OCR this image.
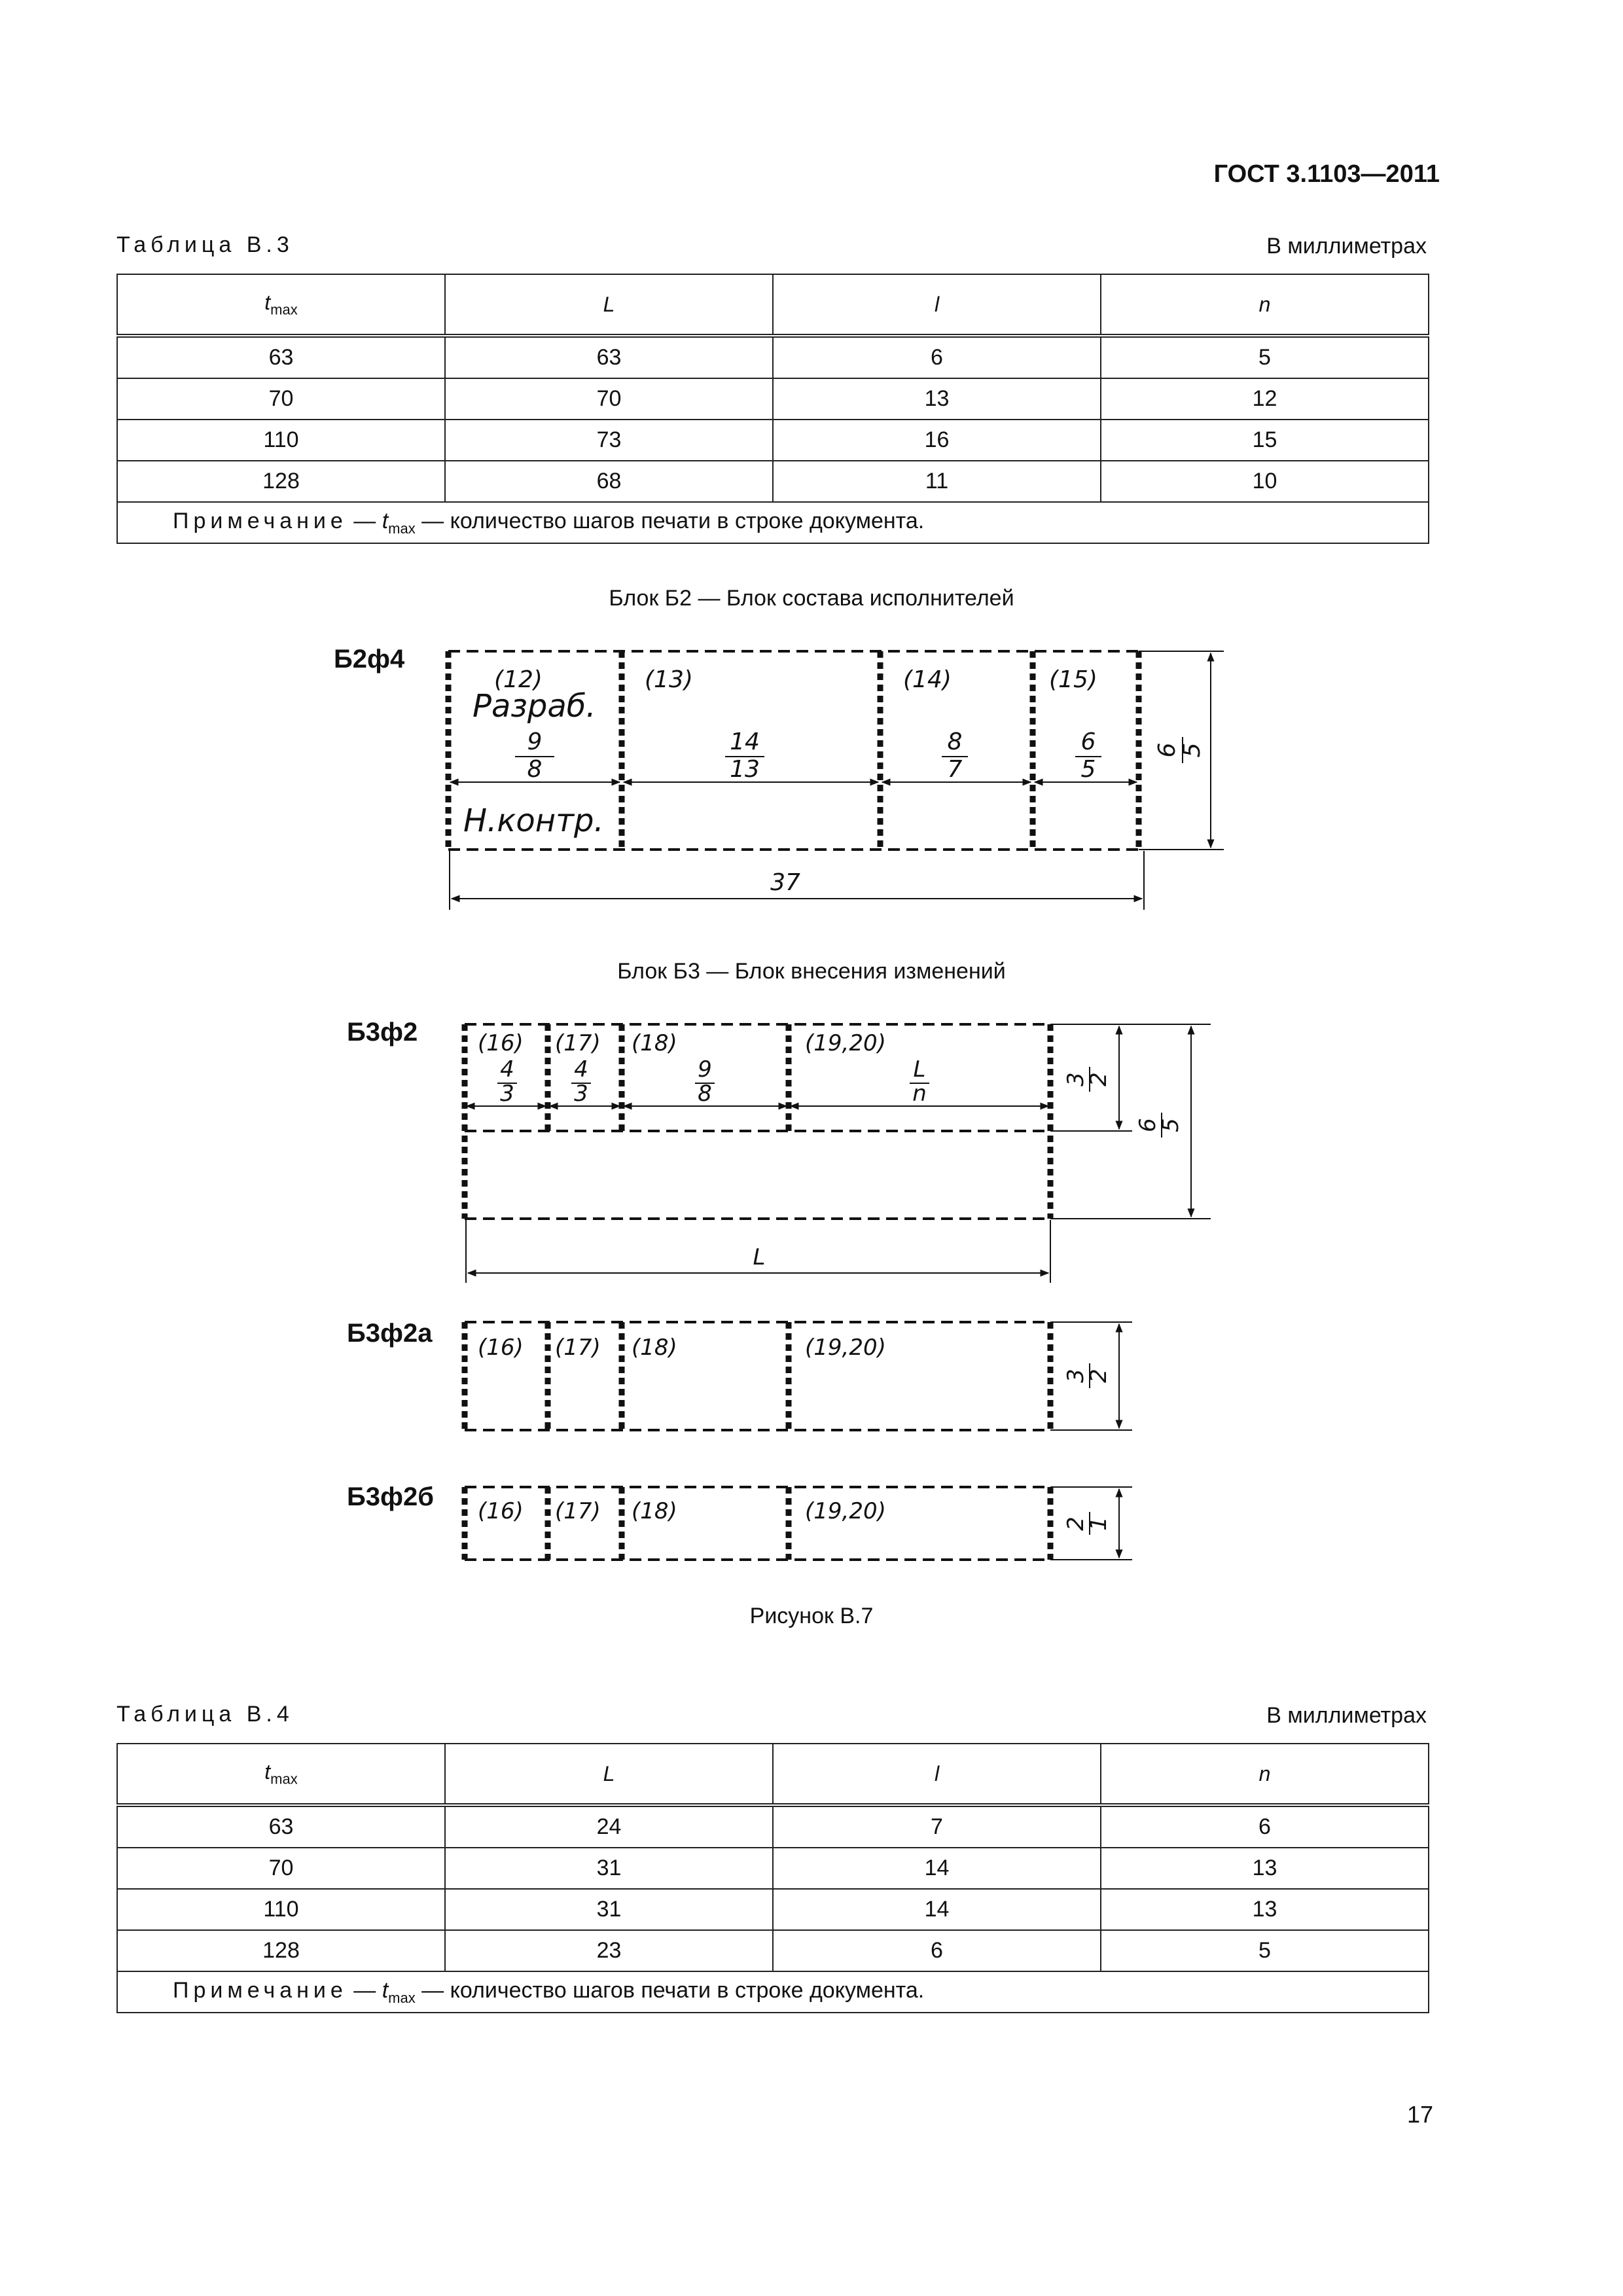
ГОСТ 3.1103—2011
Таблица В.3	В миллиметрах
$t_{max}$	L	l	n
63	63	6	5
70	70	13	12
110	73	16	15
128	68	11	10
Примечание — $t_{max}$ — количество шагов печати в строке документа.			
Блок Б2 — Блок состава исполнителей
Б2ф4
(12)	(13)	(14)	(15)
Разраб.
Н.контр.
9
8
14
13
8
7
6
5
37
6
5
(16) (17) (18)	(19,20)
4
3
4
3
9
8
L
n
L
3
2
6
5
(16) (17) (18)	(19,20)
3
2
(16) (17) (18)	(19,20)	2
1
Блок Б3 — Блок внесения изменений
Б3ф2
Б3ф2а
Б3ф2б
Рисунок В.7
Таблица В.4	В миллиметрах
$t_{max}$	L	l	n
63	24	7	6
70	31	14	13
110	31	14	13
128	23	6	5
Примечание — $t_{max}$ — количество шагов печати в строке документа.			
17
